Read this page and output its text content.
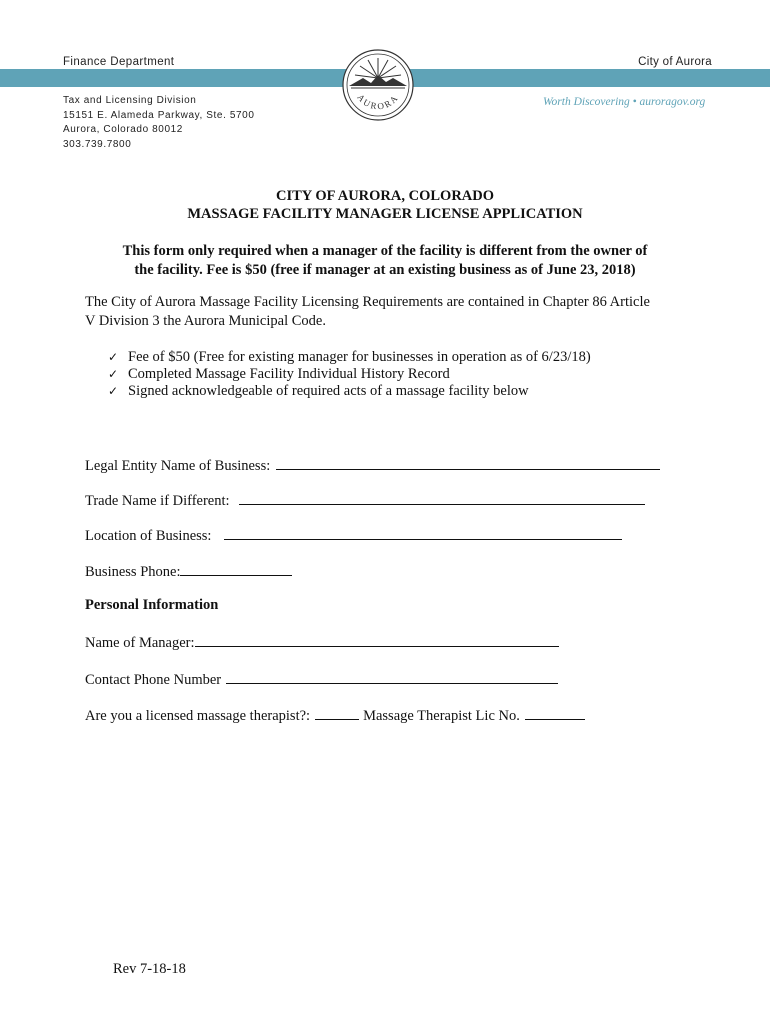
Finance Department	City of Aurora
Worth Discovering • auroragov.org
Tax and Licensing Division
15151 E. Alameda Parkway, Ste. 5700
Aurora, Colorado 80012
303.739.7800
AURORA
CITY OF AURORA, COLORADO
MASSAGE FACILITY MANAGER LICENSE APPLICATION
This form only required when a manager of the facility is different from the owner of
the facility. Fee is $50 (free if manager at an existing business as of June 23, 2018)
The City of Aurora Massage Facility Licensing Requirements are contained in Chapter 86 Article
V Division 3 the Aurora Municipal Code.
✓ Fee of $50 (Free for existing manager for businesses in operation as of 6/23/18)
✓ Completed Massage Facility Individual History Record
✓ Signed acknowledgeable of required acts of a massage facility below
Legal Entity Name of Business:
Trade Name if Different:
Location of Business:
Business Phone:
Personal Information
Name of Manager:
Contact Phone Number
Are you a licensed massage therapist?:	Massage Therapist Lic No.
Rev 7-18-18
